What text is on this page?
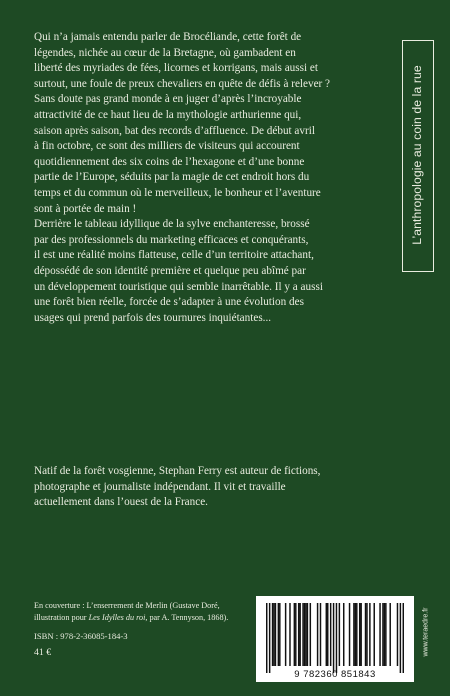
Qui n’a jamais entendu parler de Brocéliande, cette forêt de
légendes, nichée au cœur de la Bretagne, où gambadent en
liberté des myriades de fées, licornes et korrigans, mais aussi et
surtout, une foule de preux chevaliers en quête de défis à relever ?
Sans doute pas grand monde à en juger d’après l’incroyable
attractivité de ce haut lieu de la mythologie arthurienne qui,
saison après saison, bat des records d’affluence. De début avril
à fin octobre, ce sont des milliers de visiteurs qui accourent
quotidiennement des six coins de l’hexagone et d’une bonne
partie de l’Europe, séduits par la magie de cet endroit hors du
temps et du commun où le merveilleux, le bonheur et l’aventure
sont à portée de main !
Derrière le tableau idyllique de la sylve enchanteresse, brossé
par des professionnels du marketing efficaces et conquérants,
il est une réalité moins flatteuse, celle d’un territoire attachant,
dépossédé de son identité première et quelque peu abîmé par
un développement touristique qui semble inarrêtable. Il y a aussi
une forêt bien réelle, forcée de s’adapter à une évolution des
usages qui prend parfois des tournures inquiétantes...
Natif de la forêt vosgienne, Stephan Ferry est auteur de fictions,
photographe et journaliste indépendant. Il vit et travaille
actuellement dans l’ouest de la France.
L’anthropologie au coin de la rue
En couverture : L’enserrement de Merlin (Gustave Doré,
illustration pour Les Idylles du roi, par A. Tennyson, 1868).
ISBN : 978-2-36085-184-3
41 €
9 782360 851843
www.teraedre.fr
